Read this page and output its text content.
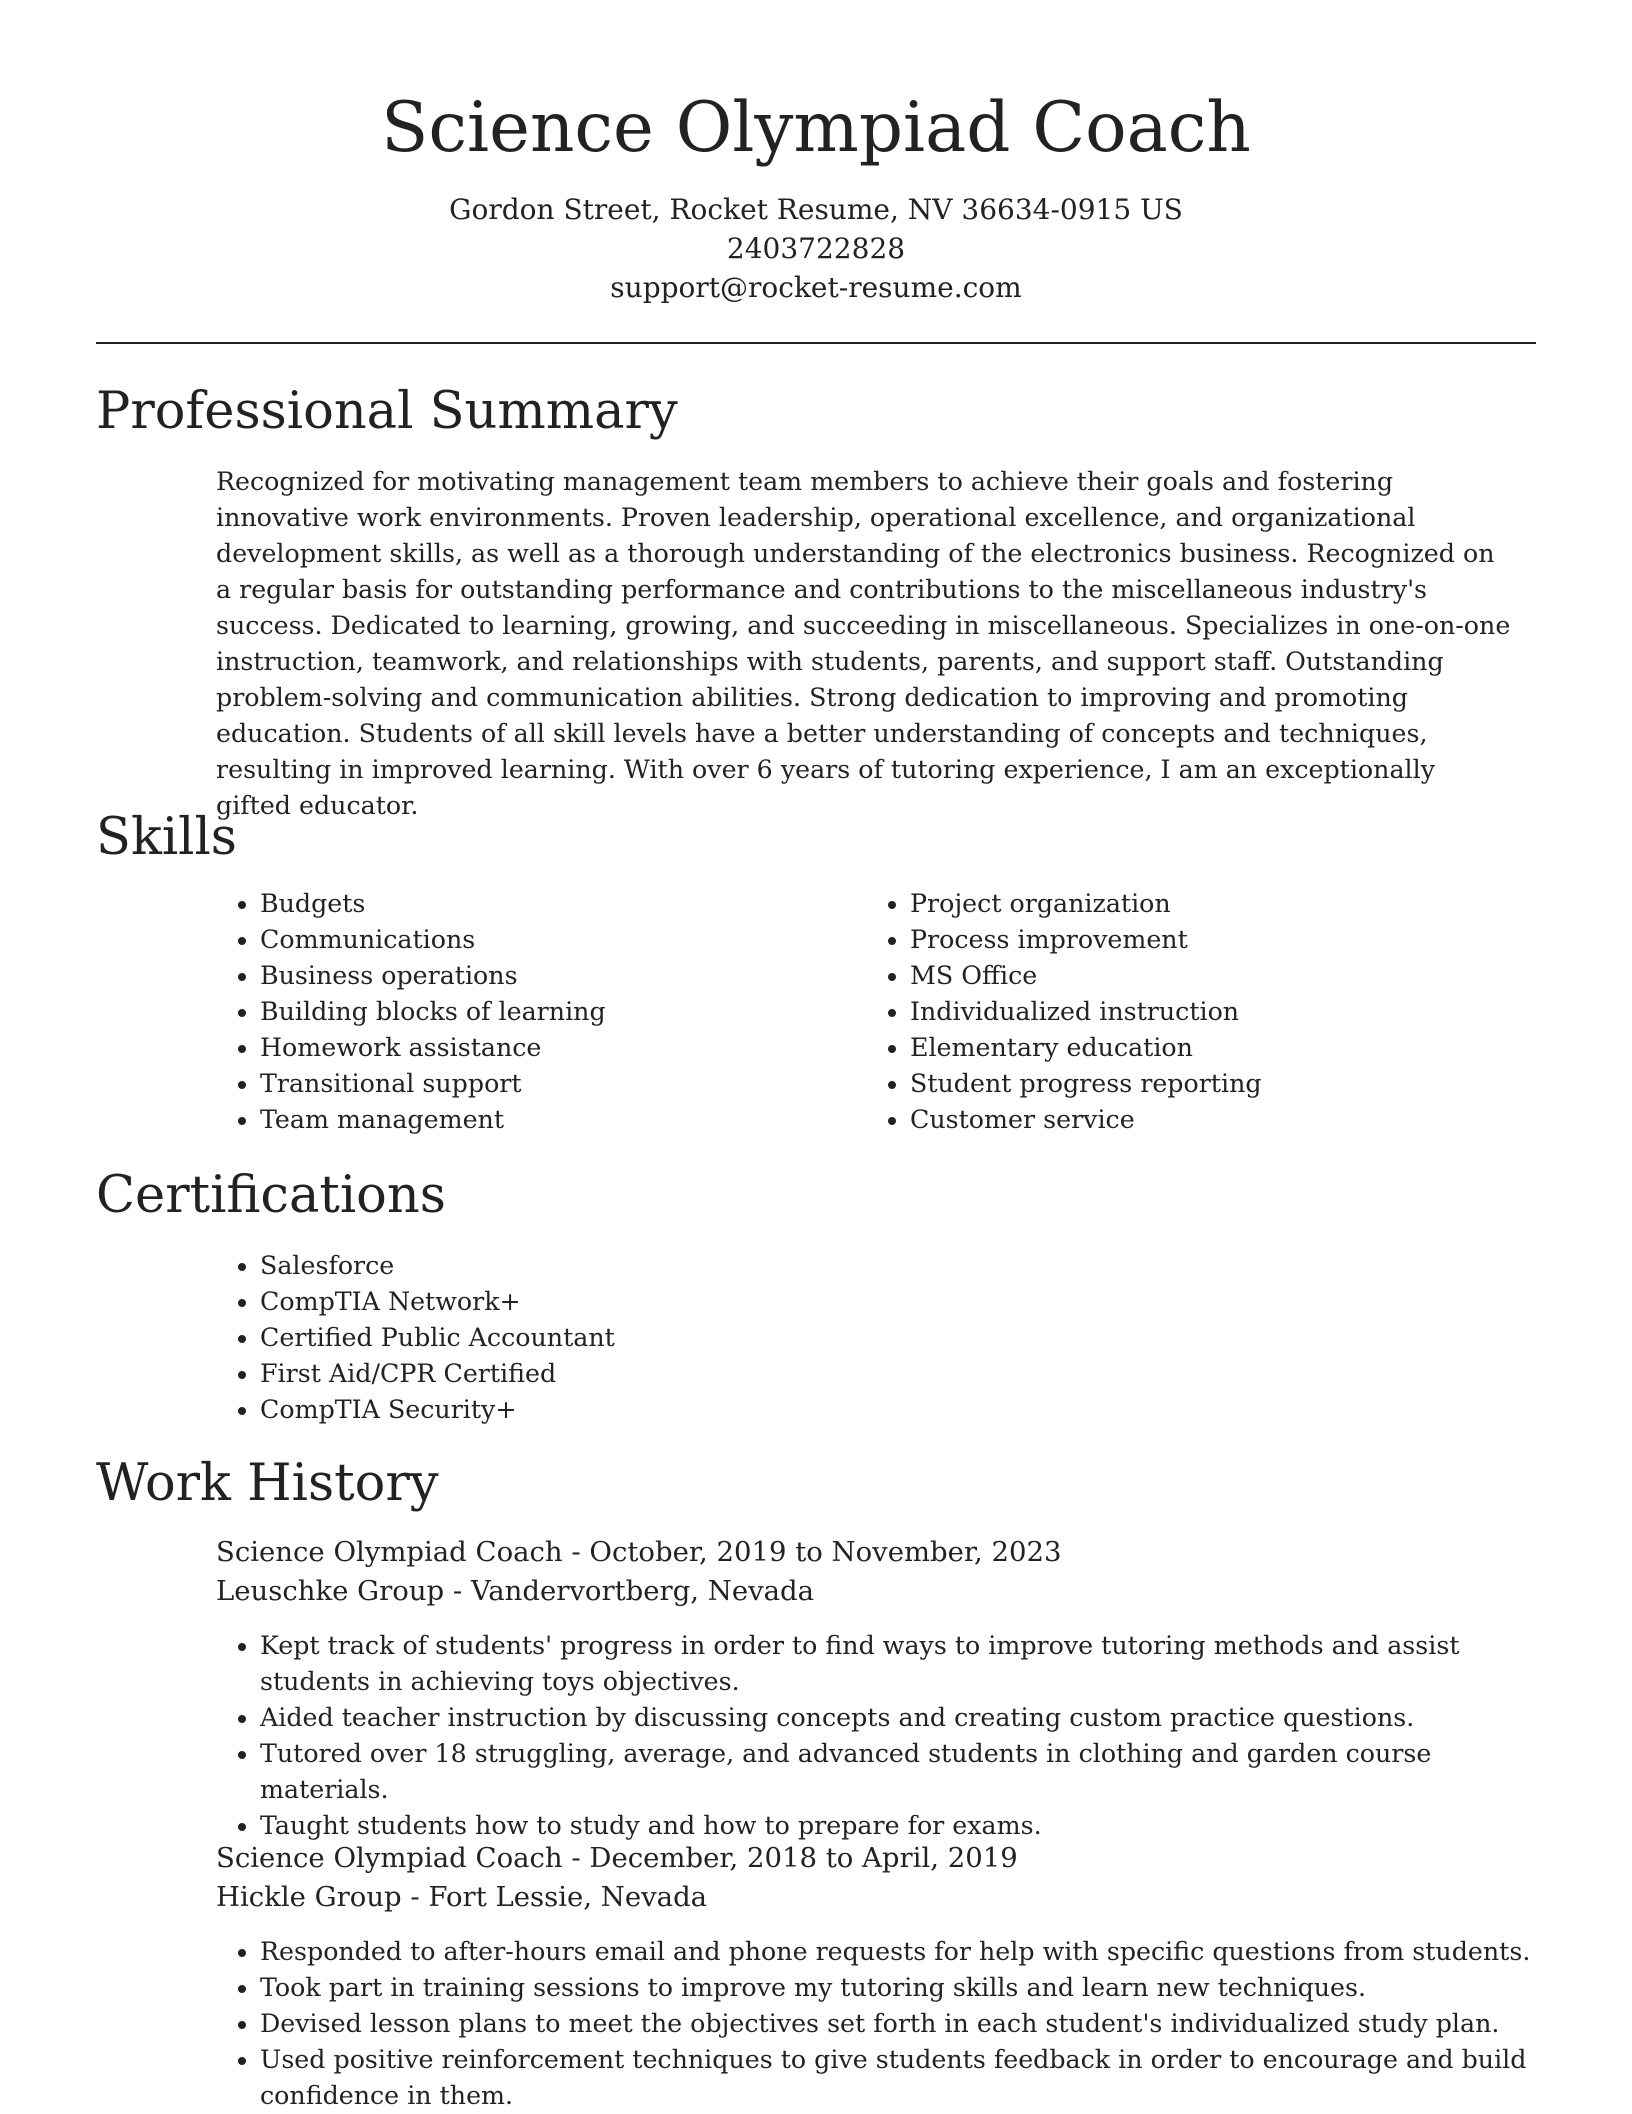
Science Olympiad Coach
Gordon Street, Rocket Resume, NV 36634-0915 US
2403722828
support@rocket-resume.com
Professional Summary
Recognized for motivating management team members to achieve their goals and fostering innovative work environments. Proven leadership, operational excellence, and organizational development skills, as well as a thorough understanding of the electronics business. Recognized on a regular basis for outstanding performance and contributions to the miscellaneous industry's success. Dedicated to learning, growing, and succeeding in miscellaneous. Specializes in one-on-one instruction, teamwork, and relationships with students, parents, and support staff. Outstanding problem-solving and communication abilities. Strong dedication to improving and promoting education. Students of all skill levels have a better understanding of concepts and techniques, resulting in improved learning. With over 6 years of tutoring experience, I am an exceptionally gifted educator.
Skills
• Budgets
• Communications
• Business operations
• Building blocks of learning
• Homework assistance
• Transitional support
• Team management
• Project organization
• Process improvement
• MS Office
• Individualized instruction
• Elementary education
• Student progress reporting
• Customer service
Certifications
• Salesforce
• CompTIA Network+
• Certified Public Accountant
• First Aid/CPR Certified
• CompTIA Security+
Work History
Science Olympiad Coach - October, 2019 to November, 2023
Leuschke Group - Vandervortberg, Nevada
• Kept track of students' progress in order to find ways to improve tutoring methods and assist students in achieving toys objectives.
• Aided teacher instruction by discussing concepts and creating custom practice questions.
• Tutored over 18 struggling, average, and advanced students in clothing and garden course materials.
• Taught students how to study and how to prepare for exams.
Science Olympiad Coach - December, 2018 to April, 2019
Hickle Group - Fort Lessie, Nevada
• Responded to after-hours email and phone requests for help with specific questions from students.
• Took part in training sessions to improve my tutoring skills and learn new techniques.
• Devised lesson plans to meet the objectives set forth in each student's individualized study plan.
• Used positive reinforcement techniques to give students feedback in order to encourage and build confidence in them.
